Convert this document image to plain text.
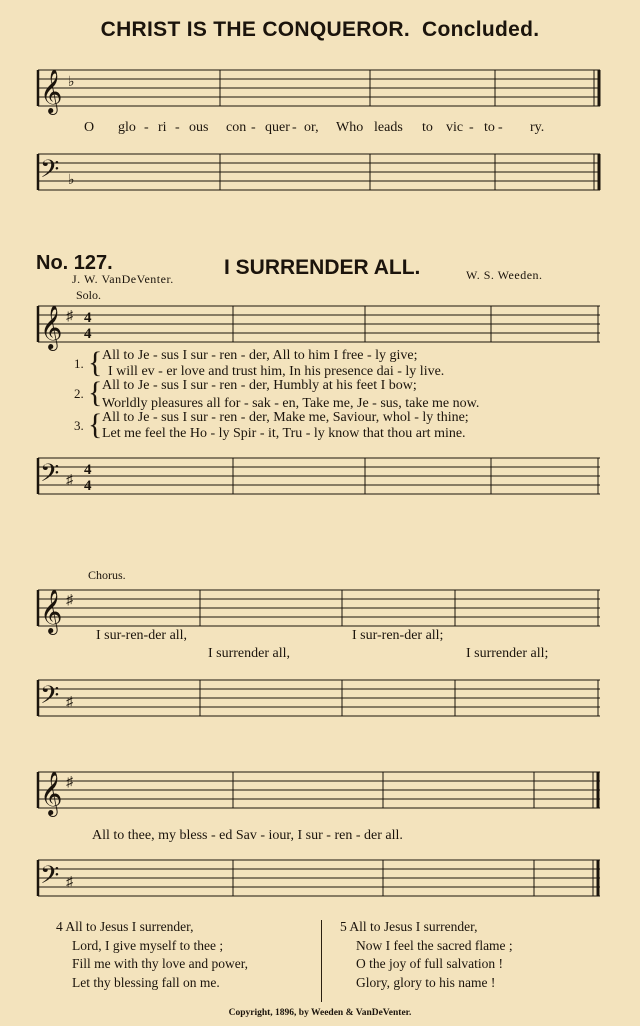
CHRIST IS THE CONQUEROR. Concluded.
𝄞 ♭
O glo - ri - ous con - quer - or, Who leads to vic - to - ry.
𝄢 ♭
No. 127.	I SURRENDER ALL.
J. W. VanDeVenter.	W. S. Weeden.
Solo.
𝄞 ♯ 4
4
1. { All to Je - sus I sur - ren - der, All to him I free - ly give;
I will ev - er love and trust him, In his presence dai - ly live.
2. { All to Je - sus I sur - ren - der, Humbly at his feet I bow;
Worldly pleasures all for - sak - en, Take me, Je - sus, take me now.
3. { All to Je - sus I sur - ren - der, Make me, Saviour, whol - ly thine;
Let me feel the Ho - ly Spir - it, Tru - ly know that thou art mine.
𝄢 ♯
4
4
Chorus.
𝄞 ♯
I sur-ren-der all,	I sur-ren-der all;
I surrender all,	I surrender all;
𝄢 ♯
𝄞 ♯
All to thee, my bless - ed Sav - iour, I sur - ren - der all.
𝄢 ♯
4 All to Jesus I surrender,
Lord, I give myself to thee ;
Fill me with thy love and power,
Let thy blessing fall on me.
5 All to Jesus I surrender,
Now I feel the sacred flame ;
O the joy of full salvation !
Glory, glory to his name !
Copyright, 1896, by Weeden & VanDeVenter.
